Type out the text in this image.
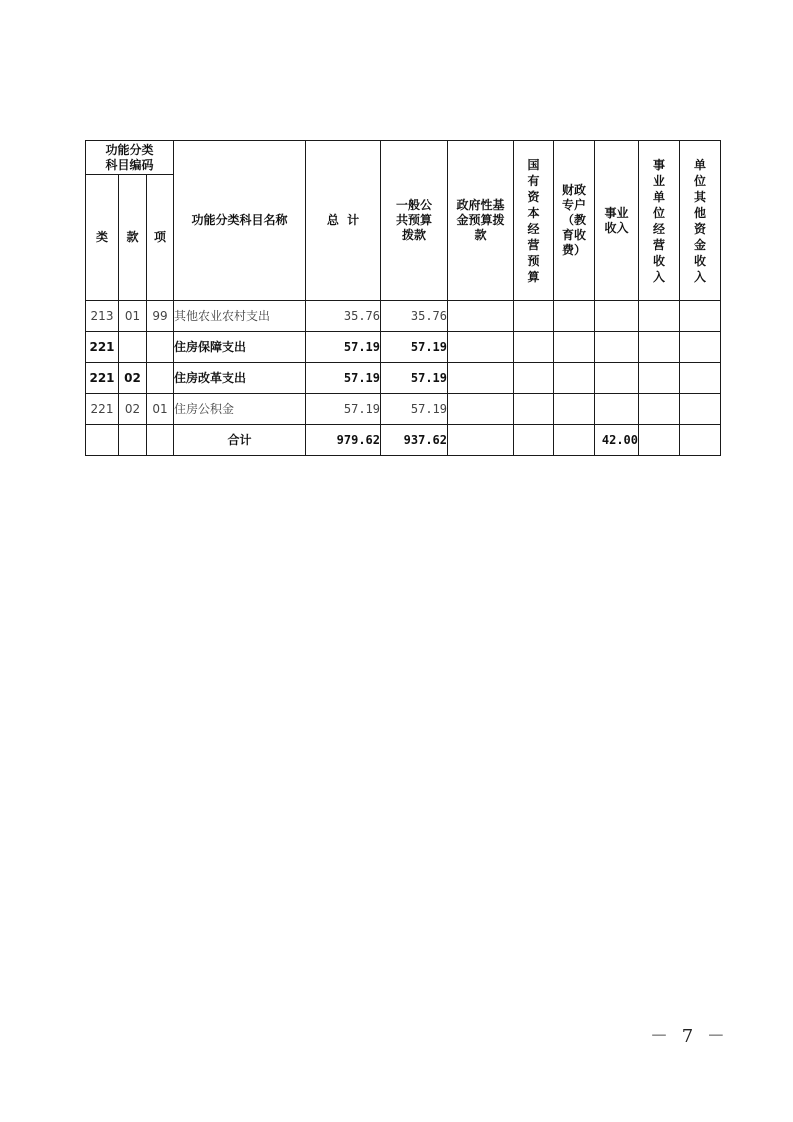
功能分类科目编码			功能分类科目名称	总  计	一般公共预算拨款	政府性基金预算拨款	国有资本经营预算	财政专户（教育收费）	事业收入	事业单位经营收入	单位其他资金收入
类	款	项									
213	01	99	其他农业农村支出	35.76	35.76						
221			住房保障支出	57.19	57.19						
221	02		住房改革支出	57.19	57.19						
221	02	01	住房公积金	57.19	57.19						
			合计	979.62	937.62				42.00		
－ 7 －
